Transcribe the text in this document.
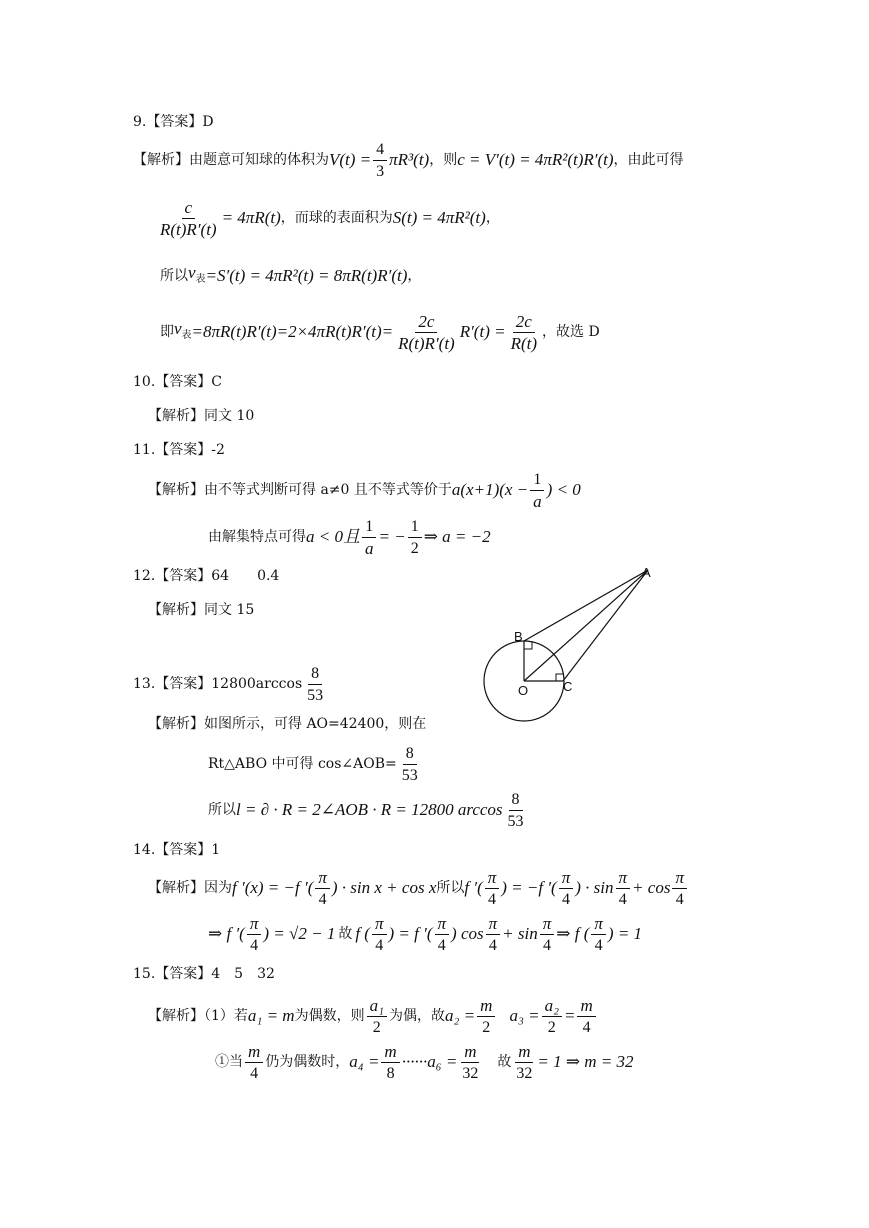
9.【答案】D
【解析】 由题意可知球的体积为 $V(t) = \frac{4}{3} \pi R^3(t)$ ，则 c = V′(t) = 4πR²(t)R′(t) ，由此可得
$\frac{c}{R(t)R'(t)} = 4\pi R(t)$ ，而球的表面积为 S(t) = 4πR²(t) ，
所以 $v_表 =S'(t) = 4\pi R^2(t) = 8\pi R(t)R'(t)$ ，
即 $v_表 =8\pi R(t)R'(t)=2\times 4\pi R(t)R'(t)= \frac{2c}{R(t)R'(t)} R'(t) = \frac{2c}{R(t)}$ ，故选 D
10.【答案】C
【解析】同文 10
11.【答案】-2
【解析】由不等式判断可得 a≠0 且不等式等价于 $a(x+1)(x - \frac{1}{a}$ ) < 0
由解集特点可得 a < 0且 $\frac{1}{a}$ = − $\frac{1}{2}$ ⇒ a = −2
12.【答案】64　　0.4
【解析】同文 15
A
B
O	C
13.【答案】$12800\arccos \frac{8}{53}$
【解析】如图所示，可得 AO=42400，则在
Rt△ABO 中可得 cos∠AOB= $\frac{8}{53}$
所以 l = ∂ · R = 2∠AOB · R = 12800 $\arccos \frac{8}{53}$
14.【答案】1
【解析】因为 f ′(x) = −f ′( $\frac{\pi}{4}$ ) · sin x + cos x 所以 f ′( $\frac{\pi}{4}$ ) = −f ′( $\frac{\pi}{4}$ ) · $\sin \frac{\pi}{4} + \cos \frac{\pi}{4}$
⇒ f ′( $\frac{\pi}{4}$ ) = √2 − 1 故 f ( $\frac{\pi}{4}$ ) = f ′( $\frac{\pi}{4}$ ) $\cos \frac{\pi}{4} + \sin \frac{\pi}{4}$ ⇒ f ( $\frac{\pi}{4}$ ) = 1
15.【答案】4　5　32
【解析】（1）若 a₁ = m 为偶数，则 $\frac{\text{a₁}}{2}$ 为偶，故 $a_2 = \frac{m}{2} a_3 = \frac{\text{a₂}}{2} = \frac{m}{4}$
①当 $\frac{m}{4}$ 仍为偶数时， $a_4 = \frac{m}{8}$ ······ $a_6 = \frac{m}{32}$ 故 $\frac{m}{32} = 1$ ⇒ m = 32
